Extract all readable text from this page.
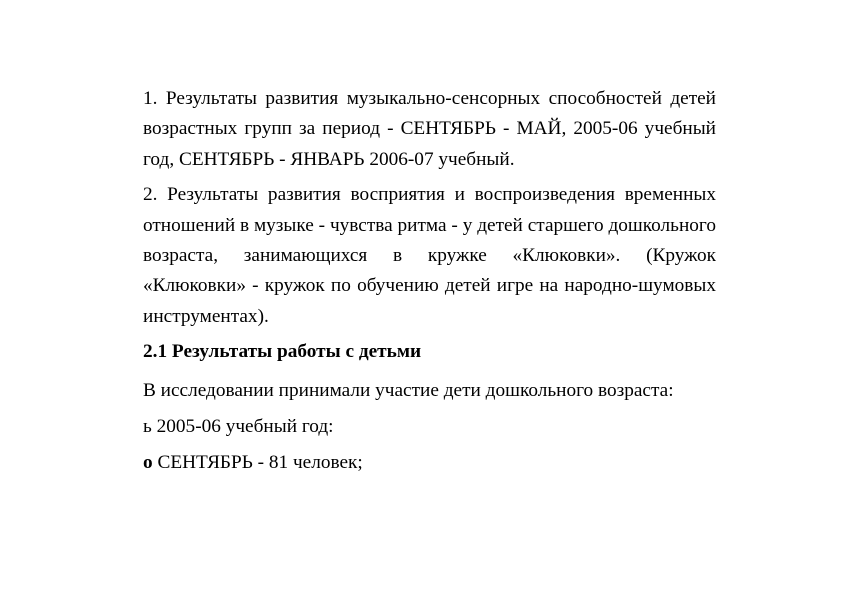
1. Результаты развития музыкально-сенсорных способностей детей возрастных групп за период - СЕНТЯБРЬ - МАЙ, 2005-06 учебный год, СЕНТЯБРЬ - ЯНВАРЬ 2006-07 учебный.

2. Результаты развития восприятия и воспроизведения временных отношений в музыке - чувства ритма - у детей старшего дошкольного возраста, занимающихся в кружке «Клюковки». (Кружок «Клюковки» - кружок по обучению детей игре на народно-шумовых инструментах).

2.1 Результаты работы с детьми

В исследовании принимали участие дети дошкольного возраста:

ь 2005-06 учебный год:

o СЕНТЯБРЬ - 81 человек;
